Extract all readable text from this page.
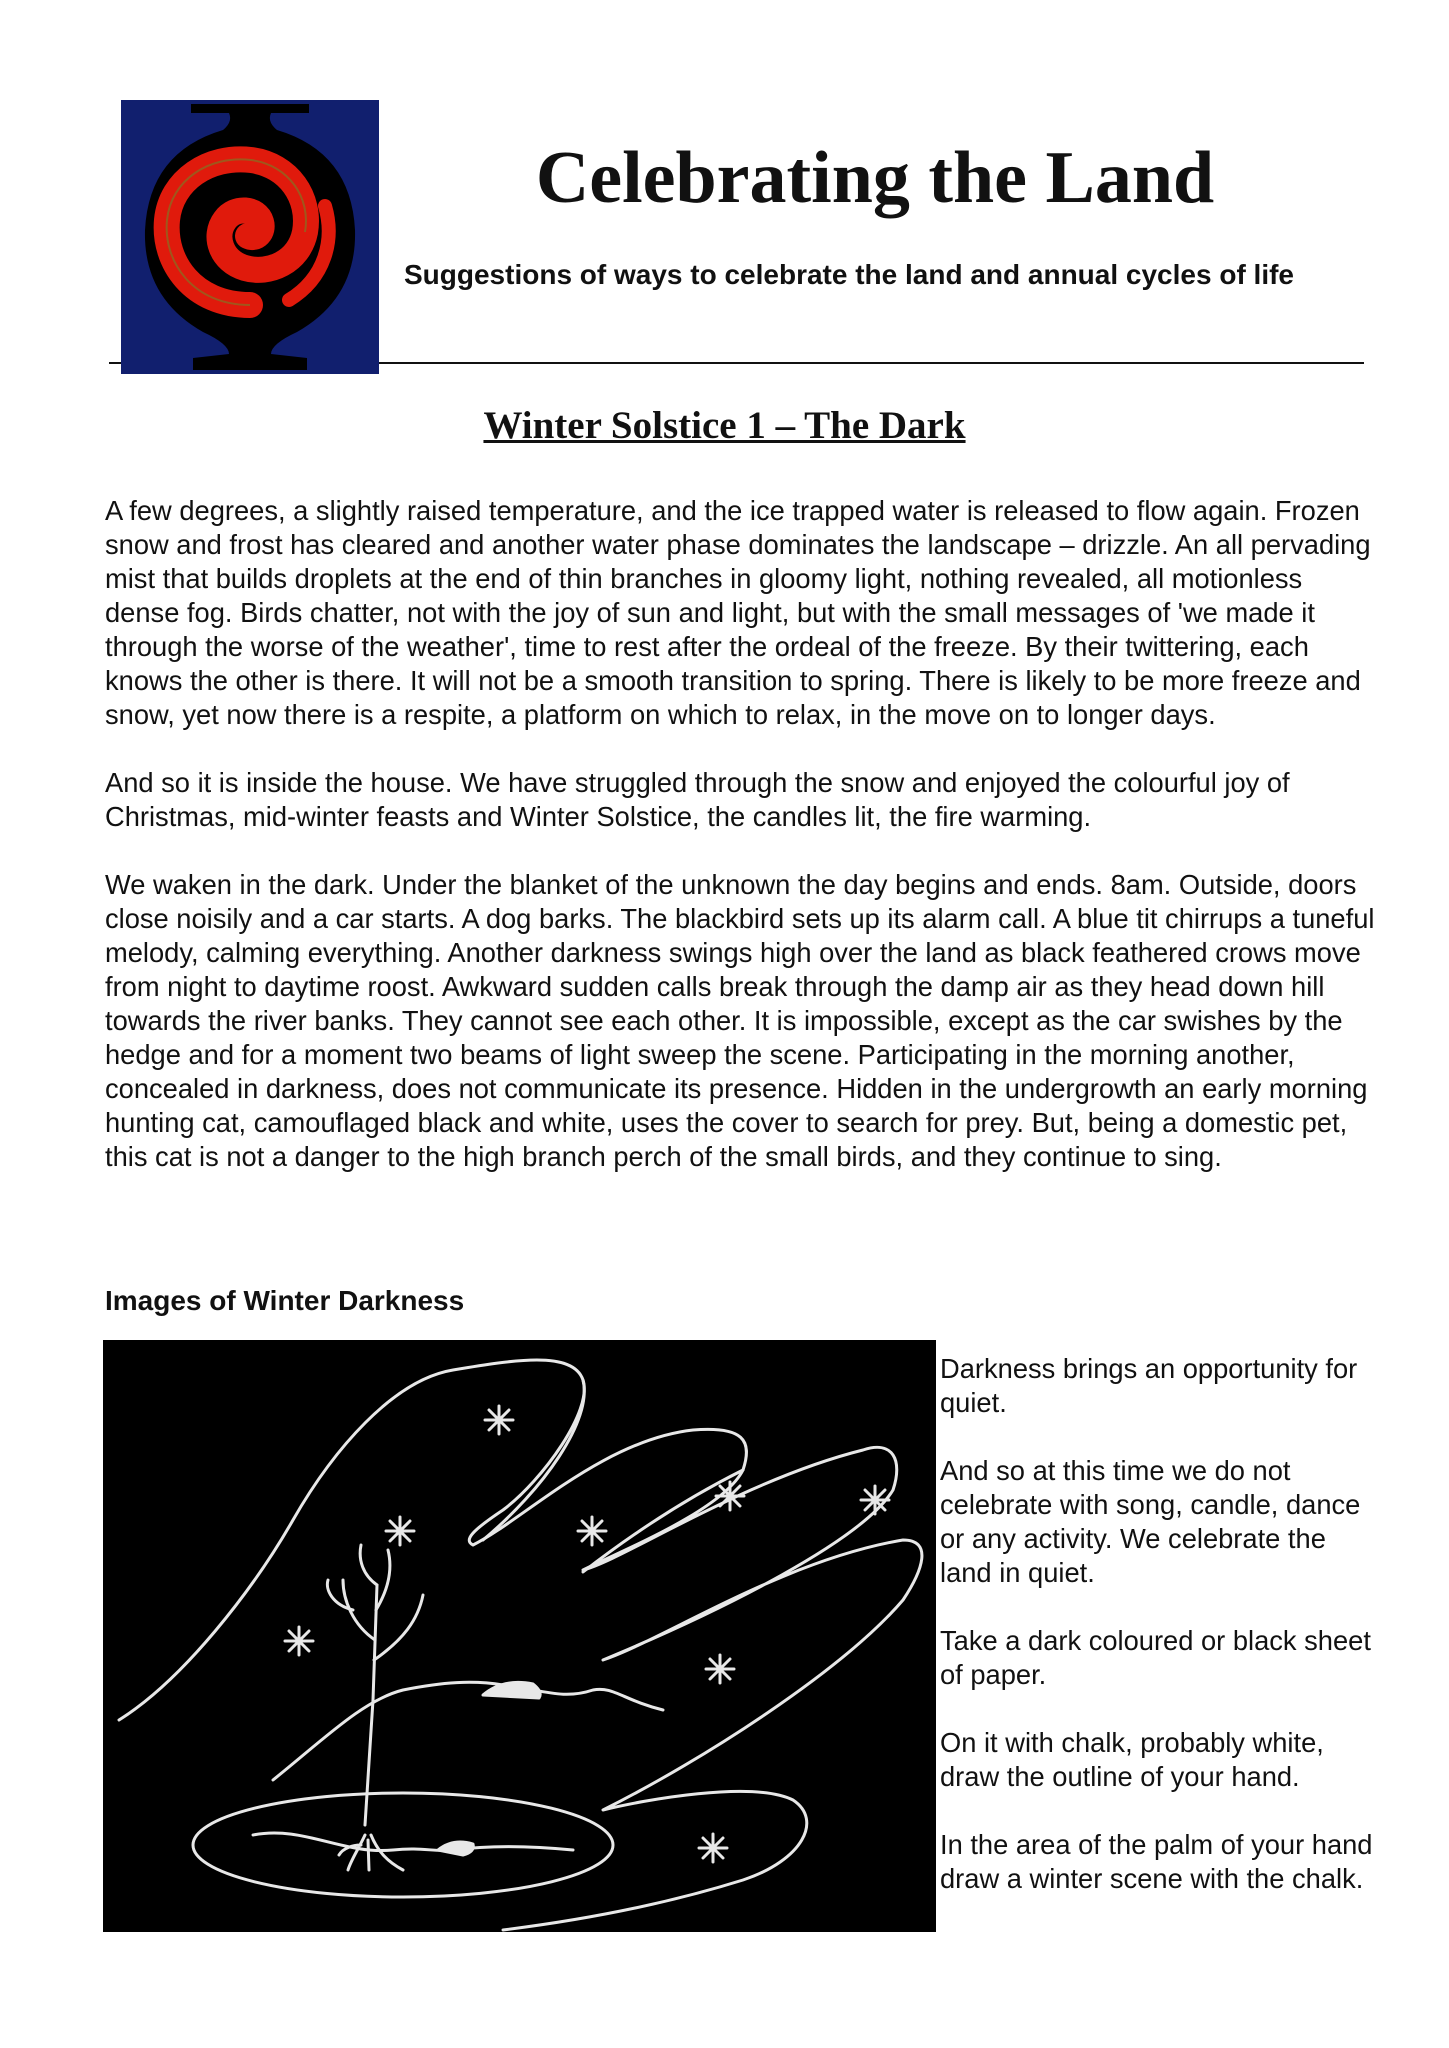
Celebrating the Land

Suggestions of ways to celebrate the land and annual cycles of life

Winter Solstice 1 – The Dark

A few degrees, a slightly raised temperature, and the ice trapped water is released to flow again. Frozen snow and frost has cleared and another water phase dominates the landscape – drizzle. An all pervading mist that builds droplets at the end of thin branches in gloomy light, nothing revealed, all motionless dense fog. Birds chatter, not with the joy of sun and light, but with the small messages of 'we made it through the worse of the weather', time to rest after the ordeal of the freeze. By their twittering, each knows the other is there. It will not be a smooth transition to spring. There is likely to be more freeze and snow, yet now there is a respite, a platform on which to relax, in the move on to longer days.

And so it is inside the house. We have struggled through the snow and enjoyed the colourful joy of Christmas, mid-winter feasts and Winter Solstice, the candles lit, the fire warming.

We waken in the dark. Under the blanket of the unknown the day begins and ends. 8am. Outside, doors close noisily and a car starts. A dog barks. The blackbird sets up its alarm call. A blue tit chirrups a tuneful melody, calming everything. Another darkness swings high over the land as black feathered crows move from night to daytime roost. Awkward sudden calls break through the damp air as they head down hill towards the river banks. They cannot see each other. It is impossible, except as the car swishes by the hedge and for a moment two beams of light sweep the scene. Participating in the morning another, concealed in darkness, does not communicate its presence. Hidden in the undergrowth an early morning hunting cat, camouflaged black and white, uses the cover to search for prey. But, being a domestic pet, this cat is not a danger to the high branch perch of the small birds, and they continue to sing.

Images of Winter Darkness

Darkness brings an opportunity for quiet.

And so at this time we do not celebrate with song, candle, dance or any activity. We celebrate the land in quiet.

Take a dark coloured or black sheet of paper.

On it with chalk, probably white, draw the outline of your hand.

In the area of the palm of your hand draw a winter scene with the chalk.
